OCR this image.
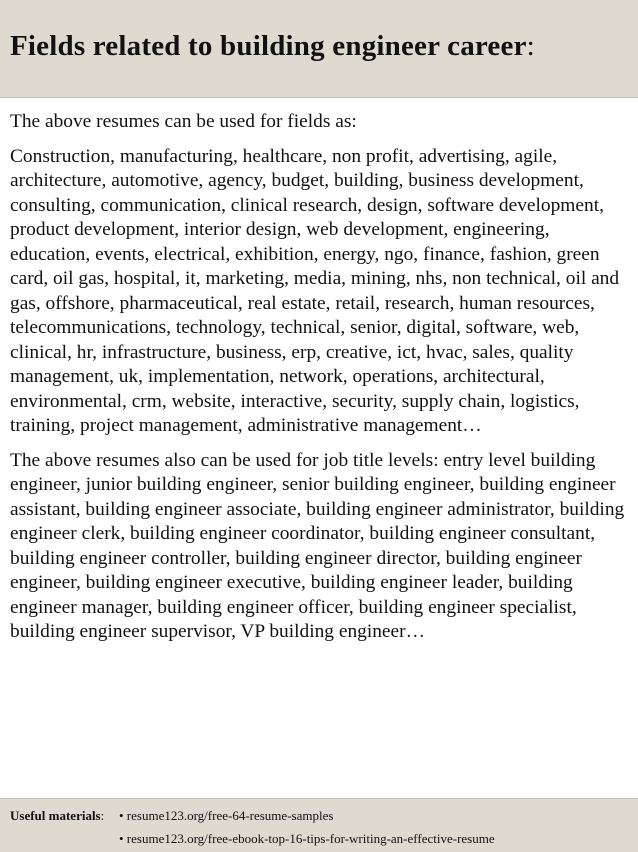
Fields related to building engineer career:

The above resumes can be used for fields as:

Construction, manufacturing, healthcare, non profit, advertising, agile, architecture, automotive, agency, budget, building, business development, consulting, communication, clinical research, design, software development, product development, interior design, web development, engineering, education, events, electrical, exhibition, energy, ngo, finance, fashion, green card, oil gas, hospital, it, marketing, media, mining, nhs, non technical, oil and gas, offshore, pharmaceutical, real estate, retail, research, human resources, telecommunications, technology, technical, senior, digital, software, web, clinical, hr, infrastructure, business, erp, creative, ict, hvac, sales, quality management, uk, implementation, network, operations, architectural, environmental, crm, website, interactive, security, supply chain, logistics, training, project management, administrative management…

The above resumes also can be used for job title levels: entry level building engineer, junior building engineer, senior building engineer, building engineer assistant, building engineer associate, building engineer administrator, building engineer clerk, building engineer coordinator, building engineer consultant, building engineer controller, building engineer director, building engineer engineer, building engineer executive, building engineer leader, building engineer manager, building engineer officer, building engineer specialist, building engineer supervisor, VP building engineer…

Useful materials: • resume123.org/free-64-resume-samples
• resume123.org/free-ebook-top-16-tips-for-writing-an-effective-resume
